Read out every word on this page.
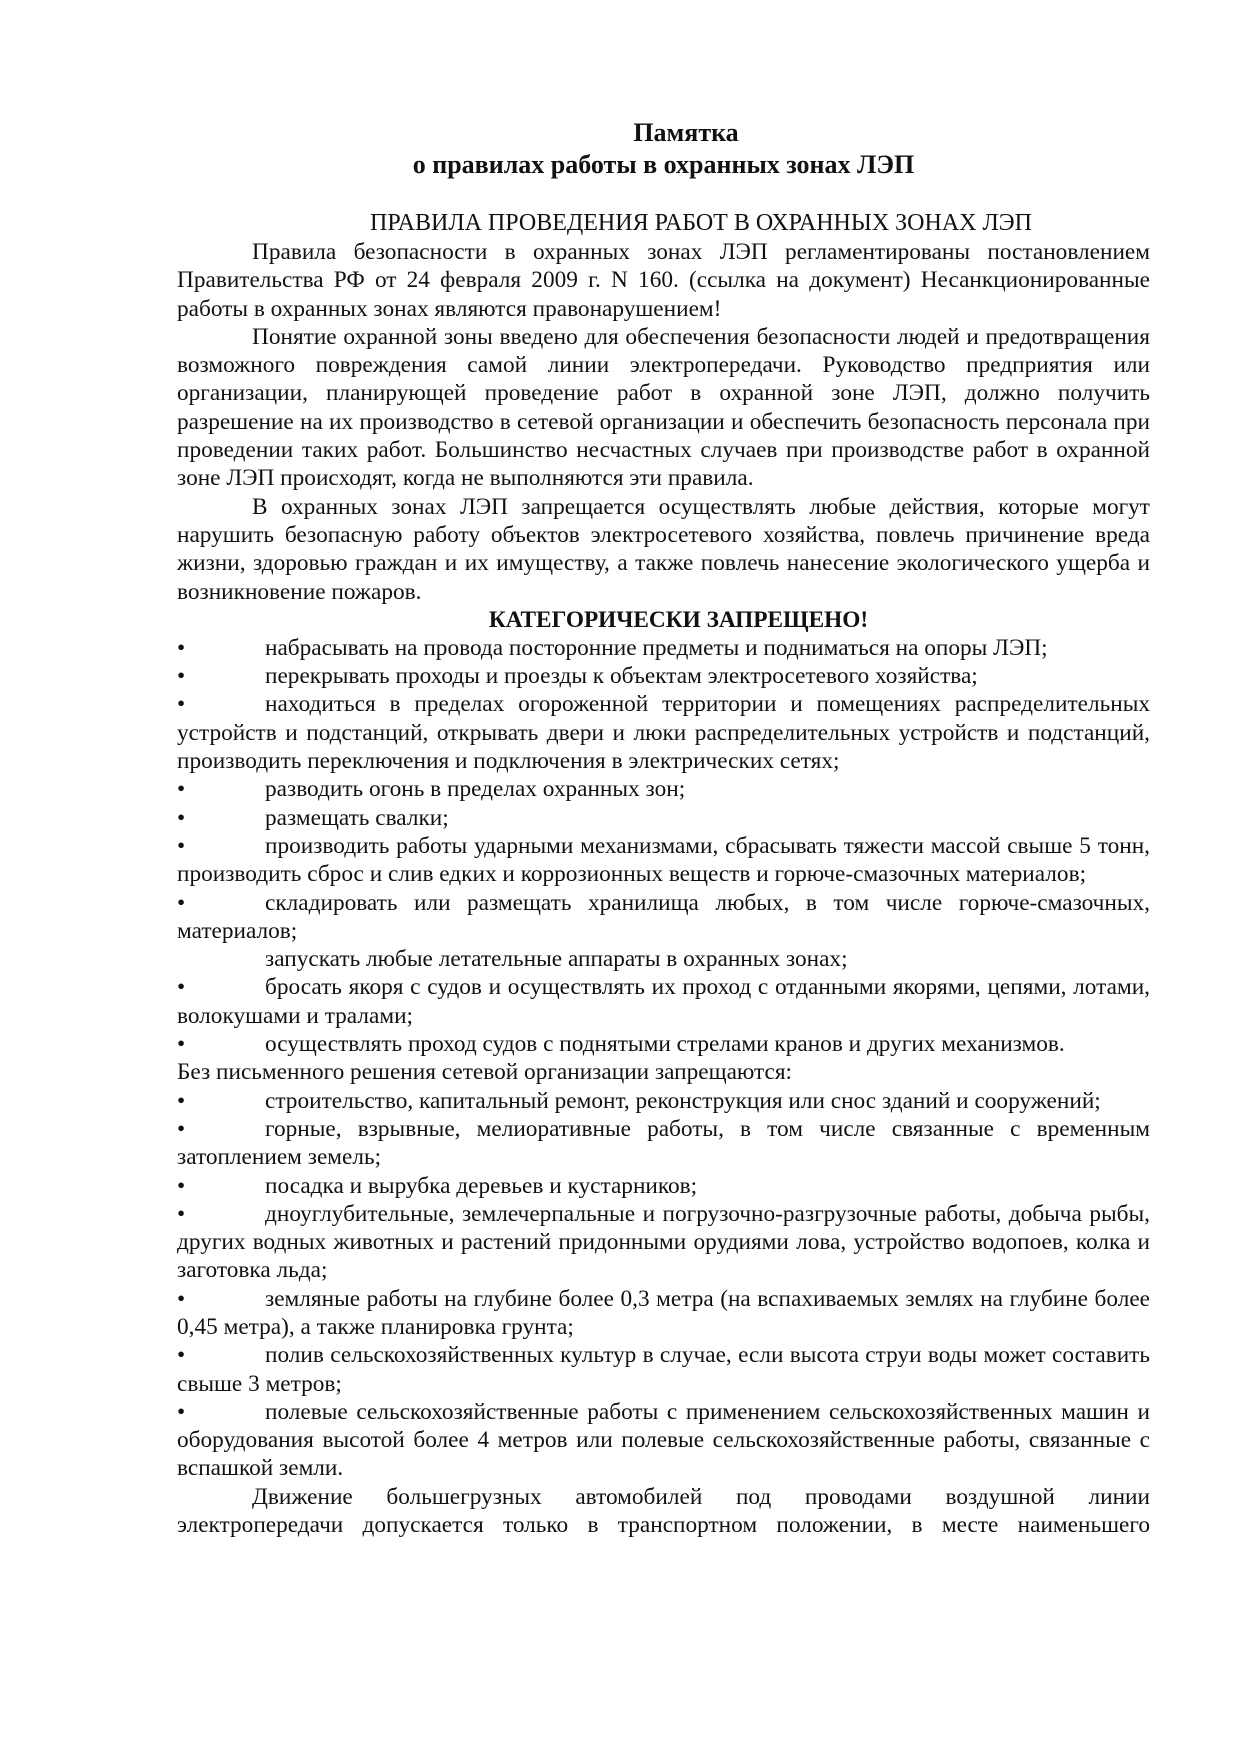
Памятка
о правилах работы в охранных зонах ЛЭП
ПРАВИЛА ПРОВЕДЕНИЯ РАБОТ В ОХРАННЫХ ЗОНАХ ЛЭП

Правила безопасности в охранных зонах ЛЭП регламентированы постановлением Правительства РФ от 24 февраля 2009 г. N 160. (ссылка на документ) Несанкционированные работы в охранных зонах являются правонарушением!

Понятие охранной зоны введено для обеспечения безопасности людей и предотвращения возможного повреждения самой линии электропередачи. Руководство предприятия или организации, планирующей проведение работ в охранной зоне ЛЭП, должно получить разрешение на их производство в сетевой организации и обеспечить безопасность персонала при проведении таких работ. Большинство несчастных случаев при производстве работ в охранной зоне ЛЭП происходят, когда не выполняются эти правила.

В охранных зонах ЛЭП запрещается осуществлять любые действия, которые могут нарушить безопасную работу объектов электросетевого хозяйства, повлечь причинение вреда жизни, здоровью граждан и их имуществу, а также повлечь нанесение экологического ущерба и возникновение пожаров.

КАТЕГОРИЧЕСКИ ЗАПРЕЩЕНО!

•	набрасывать на провода посторонние предметы и подниматься на опоры ЛЭП;

•	перекрывать проходы и проезды к объектам электросетевого хозяйства;

•	находиться в пределах огороженной территории и помещениях распределительных устройств и подстанций, открывать двери и люки распределительных устройств и подстанций, производить переключения и подключения в электрических сетях;

•	разводить огонь в пределах охранных зон;

•	размещать свалки;

•	производить работы ударными механизмами, сбрасывать тяжести массой свыше 5 тонн, производить сброс и слив едких и коррозионных веществ и горюче-смазочных материалов;

•	складировать или размещать хранилища любых, в том числе горюче-смазочных, материалов;

запускать любые летательные аппараты в охранных зонах;

•	бросать якоря с судов и осуществлять их проход с отданными якорями, цепями, лотами, волокушами и тралами;

•	осуществлять проход судов с поднятыми стрелами кранов и других механизмов.

Без письменного решения сетевой организации запрещаются:

•	строительство, капитальный ремонт, реконструкция или снос зданий и сооружений;

•	горные, взрывные, мелиоративные работы, в том числе связанные с временным затоплением земель;

•	посадка и вырубка деревьев и кустарников;

•	дноуглубительные, землечерпальные и погрузочно-разгрузочные работы, добыча рыбы, других водных животных и растений придонными орудиями лова, устройство водопоев, колка и заготовка льда;

•	земляные работы на глубине более 0,3 метра (на вспахиваемых землях на глубине более 0,45 метра), а также планировка грунта;

•	полив сельскохозяйственных культур в случае, если высота струи воды может составить свыше 3 метров;

•	полевые сельскохозяйственные работы с применением сельскохозяйственных машин и оборудования высотой более 4 метров или полевые сельскохозяйственные работы, связанные с вспашкой земли.

Движение большегрузных автомобилей под проводами воздушной линии электропередачи допускается только в транспортном положении, в месте наименьшего
